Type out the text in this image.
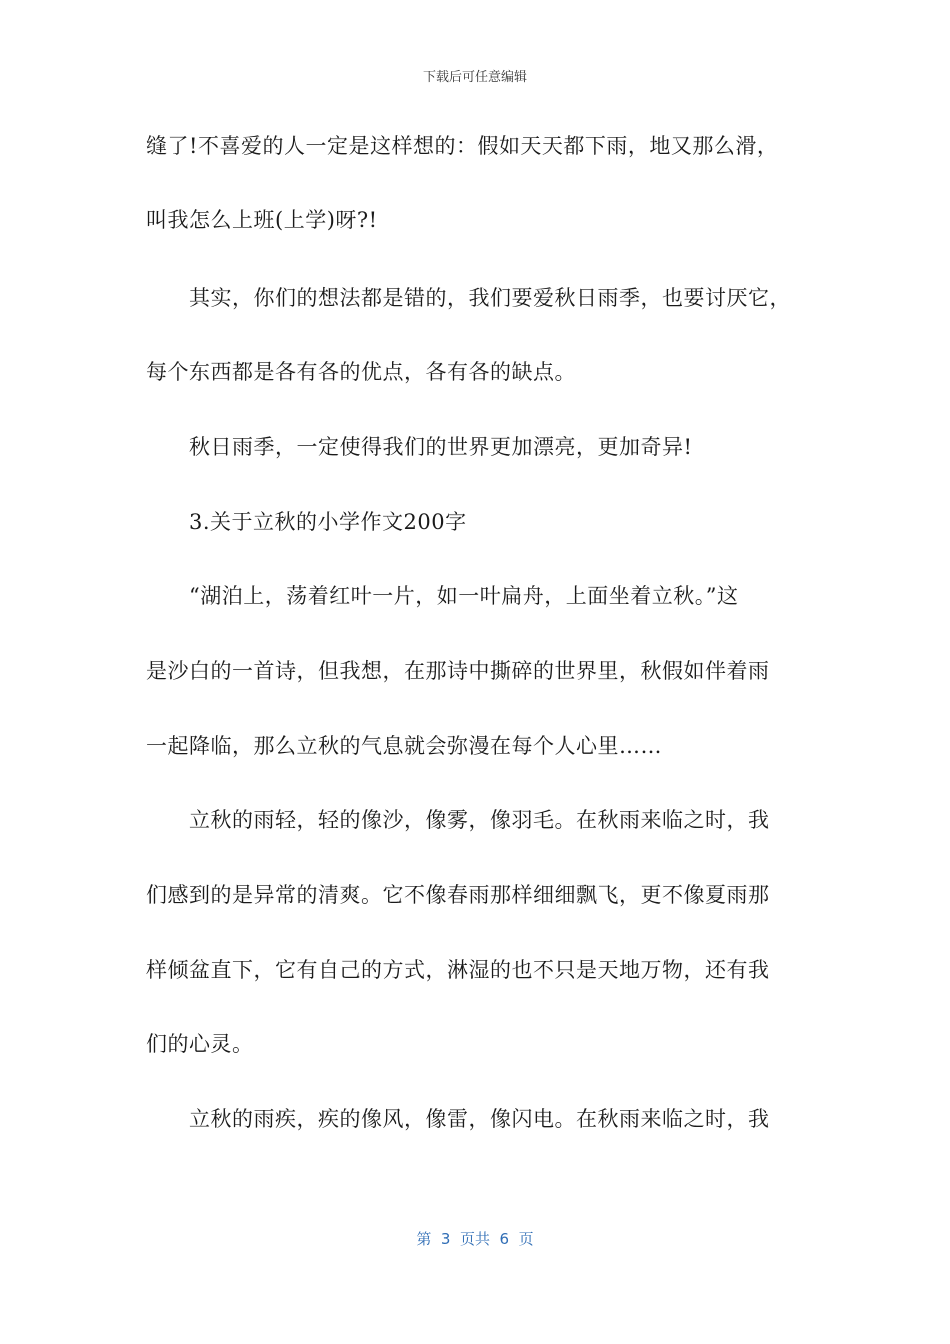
下载后可任意编辑
缝了!不喜爱的人一定是这样想的：假如天天都下雨，地又那么滑，
叫我怎么上班(上学)呀?!
　　其实，你们的想法都是错的，我们要爱秋日雨季，也要讨厌它，
每个东西都是各有各的优点，各有各的缺点。
　　秋日雨季，一定使得我们的世界更加漂亮，更加奇异!
　　3.关于立秋的小学作文200字
　　“湖泊上，荡着红叶一片，如一叶扁舟，上面坐着立秋。”这
是沙白的一首诗，但我想，在那诗中撕碎的世界里，秋假如伴着雨
一起降临，那么立秋的气息就会弥漫在每个人心里……
　　立秋的雨轻，轻的像沙，像雾，像羽毛。在秋雨来临之时，我
们感到的是异常的清爽。它不像春雨那样细细飘飞，更不像夏雨那
样倾盆直下，它有自己的方式，淋湿的也不只是天地万物，还有我
们的心灵。
　　立秋的雨疾，疾的像风，像雷，像闪电。在秋雨来临之时，我
第  3  页共  6  页
